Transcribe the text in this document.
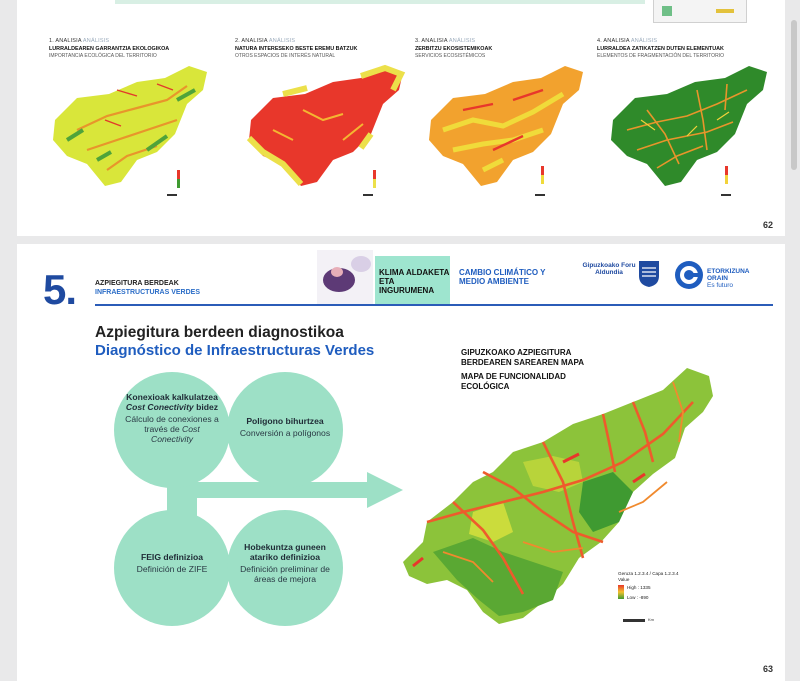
1. ANALISIA ANÁLISIS
LURRALDEAREN GARRANTZIA EKOLOGIKOA
IMPORTANCIA ECOLÓGICA DEL TERRITORIO
2. ANALISIA ANÁLISIS
NATURA INTERESEKO BESTE EREMU BATZUK
OTROS ESPACIOS DE INTERÉS NATURAL
3. ANALISIA ANÁLISIS
ZERBITZU EKOSISTEMIKOAK
SERVICIOS ECOSISTÉMICOS
4. ANALISIA ANÁLISIS
LURRALDEA ZATIKATZEN DUTEN ELEMENTUAK
ELEMENTOS DE FRAGMENTACIÓN DEL TERRITORIO
62
5.	AZPIEGITURA BERDEAK
INFRAESTRUCTURAS VERDES
KLIMA ALDAKETA ETA INGURUMENA
CAMBIO CLIMÁTICO Y MEDIO AMBIENTE
Gipuzkoako Foru Aldundia
	ETORKIZUNA ORAIN
Es futuro
Azpiegitura berdeen diagnostikoa
Diagnóstico de Infraestructuras Verdes
Konexioak kalkulatzea Cost Conectivity bidez
Cálculo de conexiones a través de Cost Conectivity
Poligono bihurtzea
Conversión a polígonos
FEIG definizioa
Definición de ZIFE
Hobekuntza guneen atariko definizioa
Definición preliminar de áreas de mejora
GIPUZKOAKO AZPIEGITURA BERDEAREN SAREAREN MAPA
MAPA DE FUNCIONALIDAD ECOLÓGICA
Geruza 1.2.3.4 / Capa 1.2.3.4
Value
High : 1335
Low : -890
Km
63
